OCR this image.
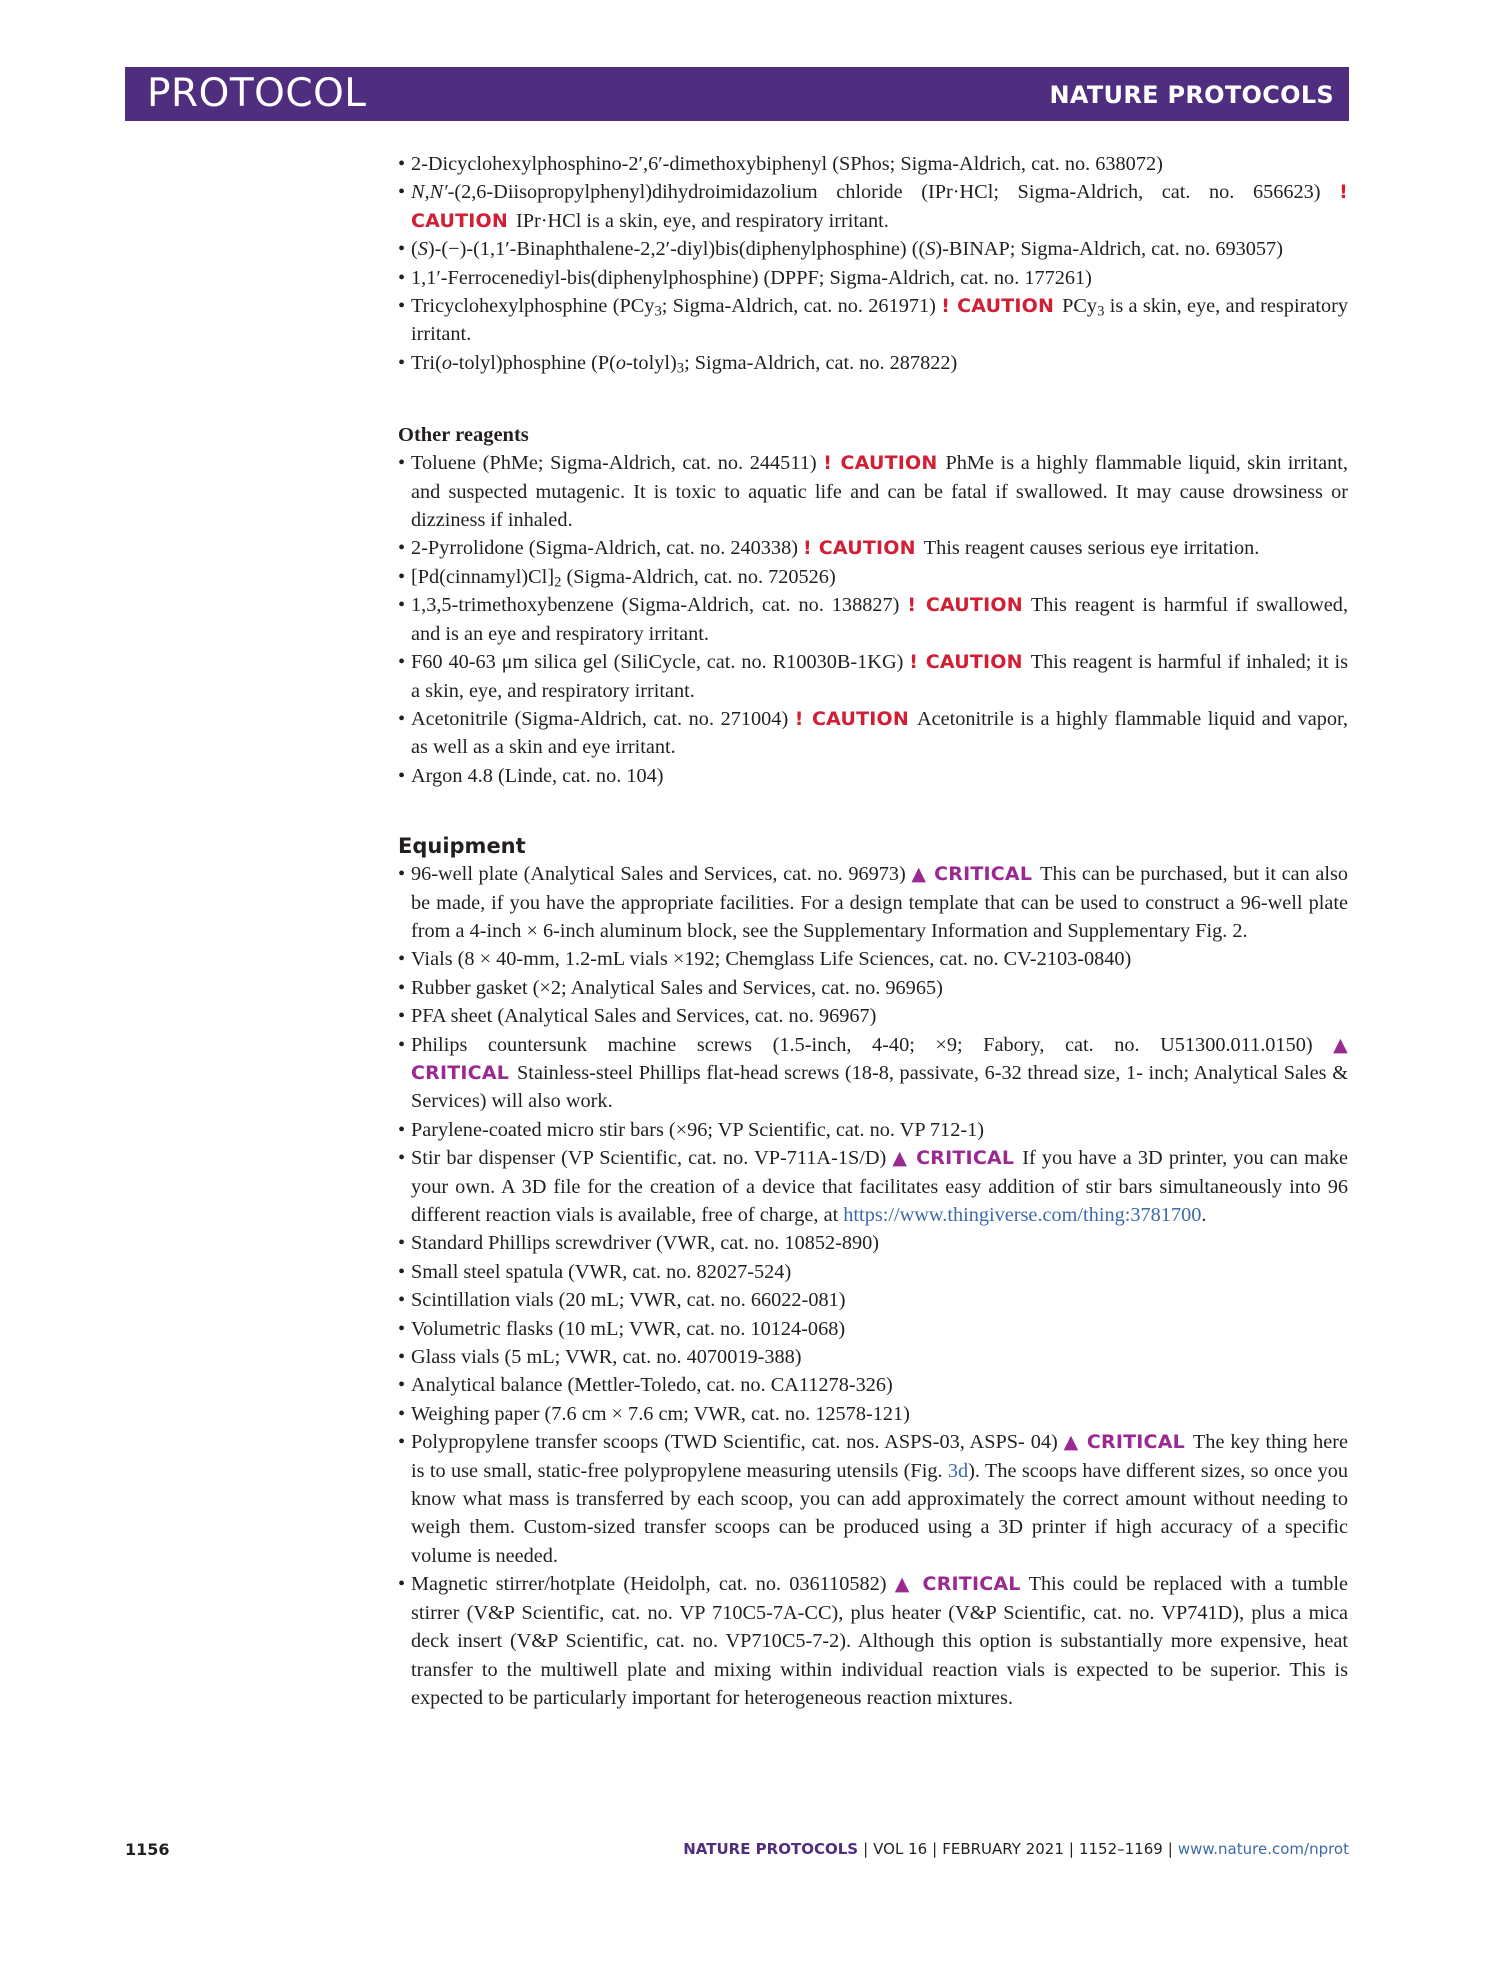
PROTOCOL	NATURE PROTOCOLS
• 2-Dicyclohexylphosphino-2′,6′-dimethoxybiphenyl (SPhos; Sigma-Aldrich, cat. no. 638072)
• N,N′-(2,6-Diisopropylphenyl)dihydroimidazolium chloride (IPr·HCl; Sigma-Aldrich, cat. no. 656623) ! CAUTION IPr·HCl is a skin, eye, and respiratory irritant.
• (S)-(−)-(1,1′-Binaphthalene-2,2′-diyl)bis(diphenylphosphine) ((S)-BINAP; Sigma-Aldrich, cat. no. 693057)
• 1,1′-Ferrocenediyl-bis(diphenylphosphine) (DPPF; Sigma-Aldrich, cat. no. 177261)
• Tricyclohexylphosphine (PCy$_3$; Sigma-Aldrich, cat. no. 261971) ! CAUTION PCy$_3$ is a skin, eye, and respiratory irritant.
• Tri(o-tolyl)phosphine ($P(o-tolyl)_3$; Sigma-Aldrich, cat. no. 287822)
Other reagents
• Toluene (PhMe; Sigma-Aldrich, cat. no. 244511) ! CAUTION PhMe is a highly flammable liquid, skin irritant, and suspected mutagenic. It is toxic to aquatic life and can be fatal if swallowed. It may cause drowsiness or dizziness if inhaled.
• 2-Pyrrolidone (Sigma-Aldrich, cat. no. 240338) ! CAUTION This reagent causes serious eye irritation.
• $[Pd(cinnamyl)Cl]_2$ (Sigma-Aldrich, cat. no. 720526)
• 1,3,5-trimethoxybenzene (Sigma-Aldrich, cat. no. 138827) ! CAUTION This reagent is harmful if swallowed, and is an eye and respiratory irritant.
• F60 40-63 μm silica gel (SiliCycle, cat. no. R10030B-1KG) ! CAUTION This reagent is harmful if inhaled; it is a skin, eye, and respiratory irritant.
• Acetonitrile (Sigma-Aldrich, cat. no. 271004) ! CAUTION Acetonitrile is a highly flammable liquid and vapor, as well as a skin and eye irritant.
• Argon 4.8 (Linde, cat. no. 104)
Equipment
• 96-well plate (Analytical Sales and Services, cat. no. 96973) ▲ CRITICAL This can be purchased, but it can also be made, if you have the appropriate facilities. For a design template that can be used to construct a 96-well plate from a 4-inch × 6-inch aluminum block, see the Supplementary Information and Supplementary Fig. 2.
• Vials (8 × 40-mm, 1.2-mL vials ×192; Chemglass Life Sciences, cat. no. CV-2103-0840)
• Rubber gasket (×2; Analytical Sales and Services, cat. no. 96965)
• PFA sheet (Analytical Sales and Services, cat. no. 96967)
• Philips countersunk machine screws (1.5-inch, 4-40; ×9; Fabory, cat. no. U51300.011.0150) ▲ CRITICAL Stainless-steel Phillips flat-head screws (18-8, passivate, 6-32 thread size, 1- inch; Analytical Sales & Services) will also work.
• Parylene-coated micro stir bars (×96; VP Scientific, cat. no. VP 712-1)
• Stir bar dispenser (VP Scientific, cat. no. VP-711A-1S/D) ▲ CRITICAL If you have a 3D printer, you can make your own. A 3D file for the creation of a device that facilitates easy addition of stir bars simultaneously into 96 different reaction vials is available, free of charge, at https://www.thingiverse.com/thing:3781700.
• Standard Phillips screwdriver (VWR, cat. no. 10852-890)
• Small steel spatula (VWR, cat. no. 82027-524)
• Scintillation vials (20 mL; VWR, cat. no. 66022-081)
• Volumetric flasks (10 mL; VWR, cat. no. 10124-068)
• Glass vials (5 mL; VWR, cat. no. 4070019-388)
• Analytical balance (Mettler-Toledo, cat. no. CA11278-326)
• Weighing paper (7.6 cm × 7.6 cm; VWR, cat. no. 12578-121)
• Polypropylene transfer scoops (TWD Scientific, cat. nos. ASPS-03, ASPS- 04) ▲ CRITICAL The key thing here is to use small, static-free polypropylene measuring utensils (Fig. 3d). The scoops have different sizes, so once you know what mass is transferred by each scoop, you can add approximately the correct amount without needing to weigh them. Custom-sized transfer scoops can be produced using a 3D printer if high accuracy of a specific volume is needed.
• Magnetic stirrer/hotplate (Heidolph, cat. no. 036110582) ▲ CRITICAL This could be replaced with a tumble stirrer (V&P Scientific, cat. no. VP 710C5-7A-CC), plus heater (V&P Scientific, cat. no. VP741D), plus a mica deck insert (V&P Scientific, cat. no. VP710C5-7-2). Although this option is substantially more expensive, heat transfer to the multiwell plate and mixing within individual reaction vials is expected to be superior. This is expected to be particularly important for heterogeneous reaction mixtures.
1156	NATURE PROTOCOLS | VOL 16 | FEBRUARY 2021 | 1152–1169 | www.nature.com/nprot
